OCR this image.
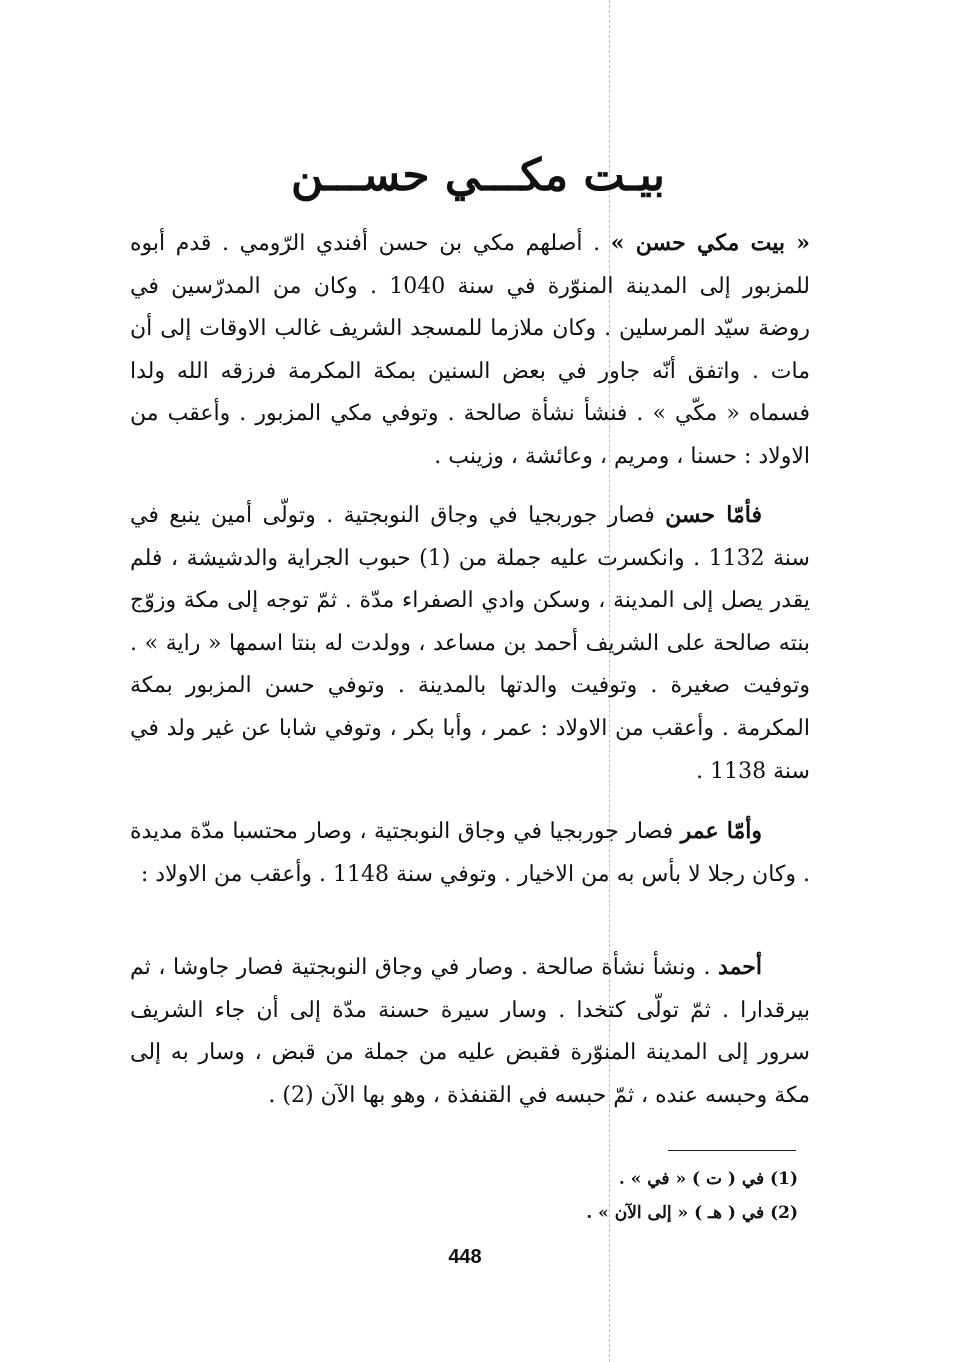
بيـت مكـــي حســـن

« بيت مكي حسن » . أصلهم مكي بن حسن أفندي الرّومي . قدم أبوه للمزبور إلى المدينة المنوّرة في سنة 1040 . وكان من المدرّسين في روضة سيّد المرسلين . وكان ملازما للمسجد الشريف غالب الاوقات إلى أن مات . واتفق أنّه جاور في بعض السنين بمكة المكرمة فرزقه الله ولدا فسماه « مكّي » . فنشأ نشأة صالحة . وتوفي مكي المزبور . وأعقب من الاولاد : حسنا ، ومريم ، وعائشة ، وزينب .

فأمّا حسن فصار جوربجيا في وجاق النوبجتية . وتولّى أمين ينبع في سنة 1132 . وانكسرت عليه جملة من (1) حبوب الجراية والدشيشة ، فلم يقدر يصل إلى المدينة ، وسكن وادي الصفراء مدّة . ثمّ توجه إلى مكة وزوّج بنته صالحة على الشريف أحمد بن مساعد ، وولدت له بنتا اسمها « راية » . وتوفيت صغيرة . وتوفيت والدتها بالمدينة . وتوفي حسن المزبور بمكة المكرمة . وأعقب من الاولاد : عمر ، وأبا بكر ، وتوفي شابا عن غير ولد في سنة 1138 .

وأمّا عمر فصار جوربجيا في وجاق النوبجتية ، وصار محتسبا مدّة مديدة . وكان رجلا لا بأس به من الاخيار . وتوفي سنة 1148 . وأعقب من الاولاد :

أحمد . ونشأ نشأة صالحة . وصار في وجاق النوبجتية فصار جاوشا ، ثم بيرقدارا . ثمّ تولّى كتخدا . وسار سيرة حسنة مدّة إلى أن جاء الشريف سرور إلى المدينة المنوّرة فقبض عليه من جملة من قبض ، وسار به إلى مكة وحبسه عنده ، ثمّ حبسه في القنفذة ، وهو بها الآن (2) .

(1) في ( ت ) « في » .
(2) في ( هـ ) « إلى الآن » .
448
